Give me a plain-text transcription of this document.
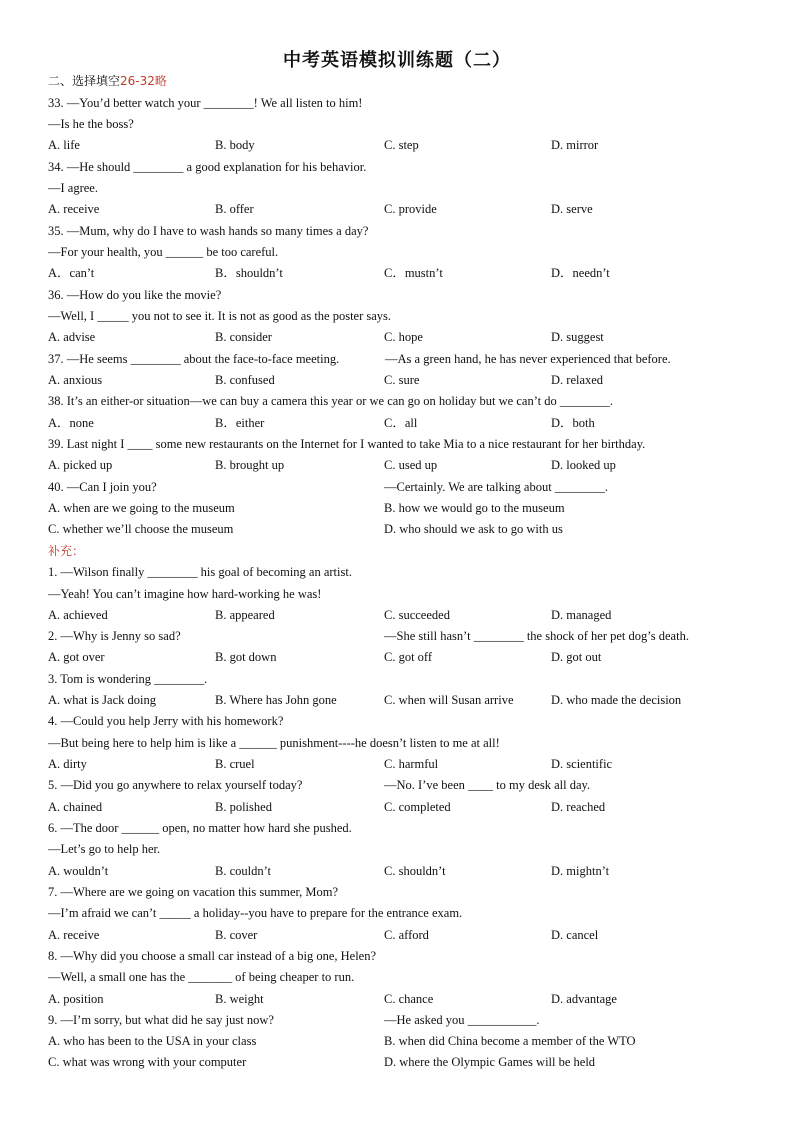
中考英语模拟训练题（二）
二、选择填空26-32略
33. —You’d better watch your ________! We all listen to him!
—Is he the boss?
A. life	B. body	C. step	D. mirror
34. —He should ________ a good explanation for his behavior.
—I agree.
A. receive	B. offer	C. provide	D. serve
35. —Mum, why do I have to wash hands so many times a day?
—For your health, you ______ be too careful.
A．can’t	B．shouldn’t	C．mustn’t	D．needn’t
36. —How do you like the movie?
—Well, I _____ you not to see it. It is not as good as the poster says.
A. advise	B. consider	C. hope	D. suggest
37. —He seems ________ about the face-to-face meeting.	—As a green hand, he has never experienced that before.
A. anxious	B. confused	C. sure	D. relaxed
38. It’s an either-or situation—we can buy a camera this year or we can go on holiday but we can’t do ________.
A．none	B．either	C．all	D．both
39. Last night I ____ some new restaurants on the Internet for I wanted to take Mia to a nice restaurant for her birthday.
A. picked up	B. brought up	C. used up	D. looked up
40. —Can I join you?	—Certainly. We are talking about ________.
A. when are we going to the museum	B. how we would go to the museum
C. whether we’ll choose the museum	D. who should we ask to go with us
补充：
1. —Wilson finally ________ his goal of becoming an artist.
—Yeah! You can’t imagine how hard-working he was!
A. achieved	B. appeared	C. succeeded	D. managed
2. —Why is Jenny so sad?	—She still hasn’t ________ the shock of her pet dog’s death.
A. got over	B. got down	C. got off	D. got out
3. Tom is wondering ________.
A. what is Jack doing	B. Where has John gone	C. when will Susan arrive	D. who made the decision
4. —Could you help Jerry with his homework?
—But being here to help him is like a ______ punishment----he doesn’t listen to me at all!
A. dirty	B. cruel	C. harmful	D. scientific
5. —Did you go anywhere to relax yourself today?	—No. I’ve been ____ to my desk all day.
A. chained	B. polished	C. completed	D. reached
6. —The door ______ open, no matter how hard she pushed.
—Let’s go to help her.
A. wouldn’t	B. couldn’t	C. shouldn’t	D. mightn’t
7. —Where are we going on vacation this summer, Mom?
—I’m afraid we can’t _____ a holiday--you have to prepare for the entrance exam.
A. receive	B. cover	C. afford	D. cancel
8. —Why did you choose a small car instead of a big one, Helen?
—Well, a small one has the _______ of being cheaper to run.
A. position	B. weight	C. chance	D. advantage
9. —I’m sorry, but what did he say just now?	—He asked you ___________.
A. who has been to the USA in your class	B. when did China become a member of the WTO
C. what was wrong with your computer	D. where the Olympic Games will be held
